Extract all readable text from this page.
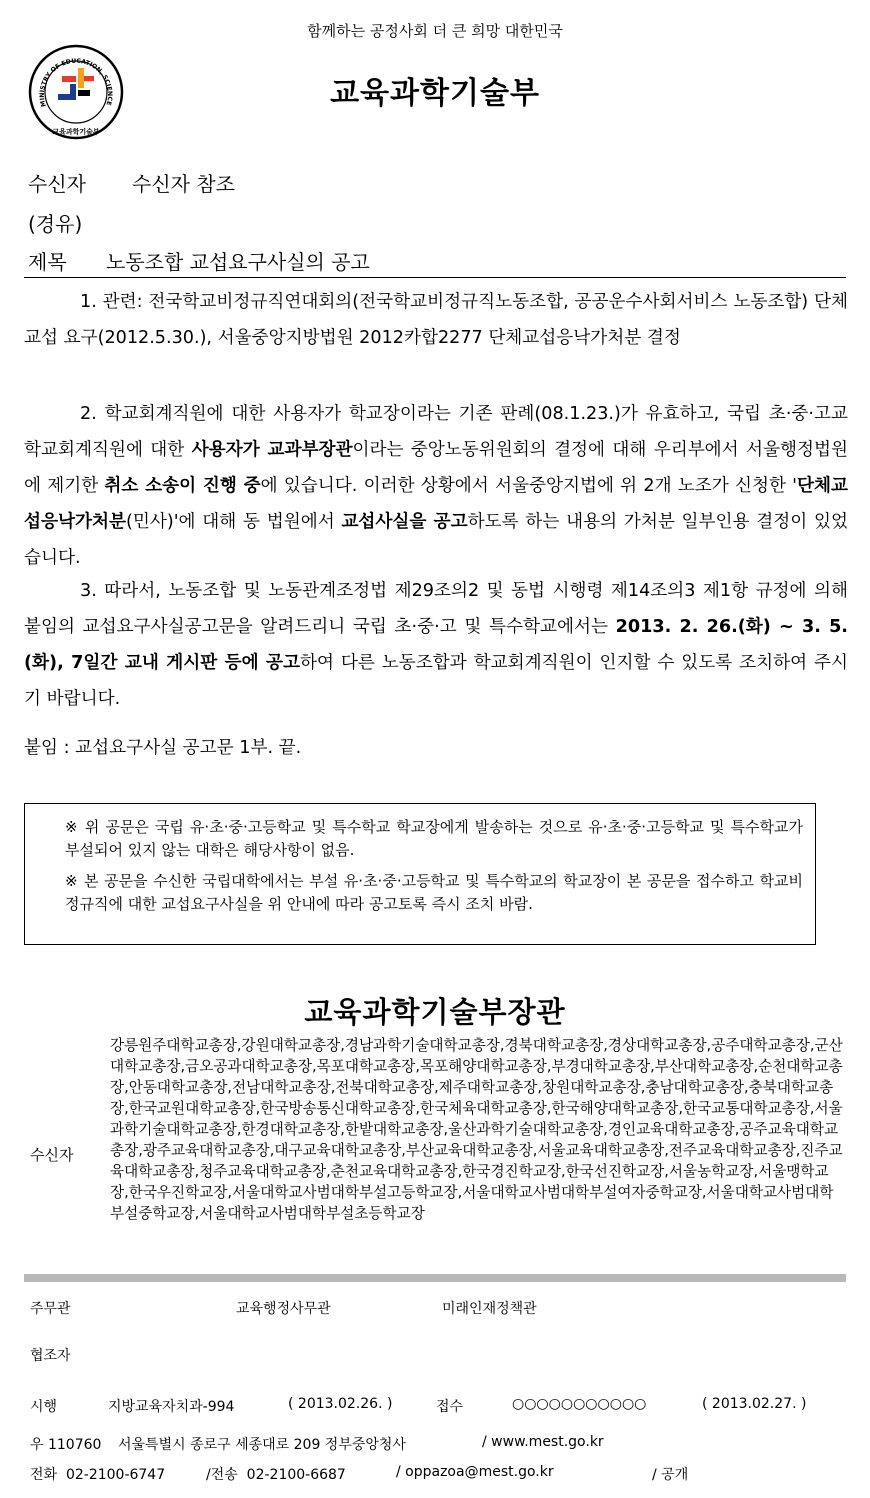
함께하는 공정사회 더 큰 희망 대한민국
MINISTRY OF EDUCATION, SCIENCE
교육과학기술부
교육과학기술부
수신자 수신자 참조
(경유)
제목 노동조합 교섭요구사실의 공고
1. 관련: 전국학교비정규직연대회의(전국학교비정규직노동조합, 공공운수사회서비스 노동조합) 단체교섭 요구(2012.5.30.), 서울중앙지방법원 2012카합2277 단체교섭응낙가처분 결정
2. 학교회계직원에 대한 사용자가 학교장이라는 기존 판례(08.1.23.)가 유효하고, 국립 초·중·고교 학교회계직원에 대한 사용자가 교과부장관이라는 중앙노동위원회의 결정에 대해 우리부에서 서울행정법원에 제기한 취소 소송이 진행 중에 있습니다. 이러한 상황에서 서울중앙지법에 위 2개 노조가 신청한 '단체교섭응낙가처분(민사)'에 대해 동 법원에서 교섭사실을 공고하도록 하는 내용의 가처분 일부인용 결정이 있었습니다.
3. 따라서, 노동조합 및 노동관계조정법 제29조의2 및 동법 시행령 제14조의3 제1항 규정에 의해 붙임의 교섭요구사실공고문을 알려드리니 국립 초·중·고 및 특수학교에서는 2013. 2. 26.(화) ~ 3. 5.(화), 7일간 교내 게시판 등에 공고하여 다른 노동조합과 학교회계직원이 인지할 수 있도록 조치하여 주시기 바랍니다.
붙임 : 교섭요구사실 공고문 1부. 끝.

※ 위 공문은 국립 유·초·중·고등학교 및 특수학교 학교장에게 발송하는 것으로 유·초·중·고등학교 및 특수학교가 부설되어 있지 않는 대학은 해당사항이 없음.

※ 본 공문을 수신한 국립대학에서는 부설 유·초·중·고등학교 및 특수학교의 학교장이 본 공문을 접수하고 학교비정규직에 대한 교섭요구사실을 위 안내에 따라 공고토록 즉시 조치 바람.

교육과학기술부장관
수신자
강릉원주대학교총장,강원대학교총장,경남과학기술대학교총장,경북대학교총장,경상대학교총장,공주대학교총장,군산대학교총장,금오공과대학교총장,목포대학교총장,목포해양대학교총장,부경대학교총장,부산대학교총장,순천대학교총장,안동대학교총장,전남대학교총장,전북대학교총장,제주대학교총장,창원대학교총장,충남대학교총장,충북대학교총장,한국교원대학교총장,한국방송통신대학교총장,한국체육대학교총장,한국해양대학교총장,한국교통대학교총장,서울과학기술대학교총장,한경대학교총장,한밭대학교총장,울산과학기술대학교총장,경인교육대학교총장,공주교육대학교총장,광주교육대학교총장,대구교육대학교총장,부산교육대학교총장,서울교육대학교총장,전주교육대학교총장,진주교육대학교총장,청주교육대학교총장,춘천교육대학교총장,한국경진학교장,한국선진학교장,서울농학교장,서울맹학교장,한국우진학교장,서울대학교사범대학부설고등학교장,서울대학교사범대학부설여자중학교장,서울대학교사범대학부설중학교장,서울대학교사범대학부설초등학교장
주무관	교육행정사무관	미래인재정책관
협조자
시행	지방교육자치과-994	( 2013.02.26. )	접수	○○○○○○○○○○○	( 2013.02.27. )
우 110760 서울특별시 종로구 세종대로 209 정부중앙청사	/ www.mest.go.kr
전화  02-2100-6747	/전송  02-2100-6687	/ oppazoa@mest.go.kr	/ 공개
